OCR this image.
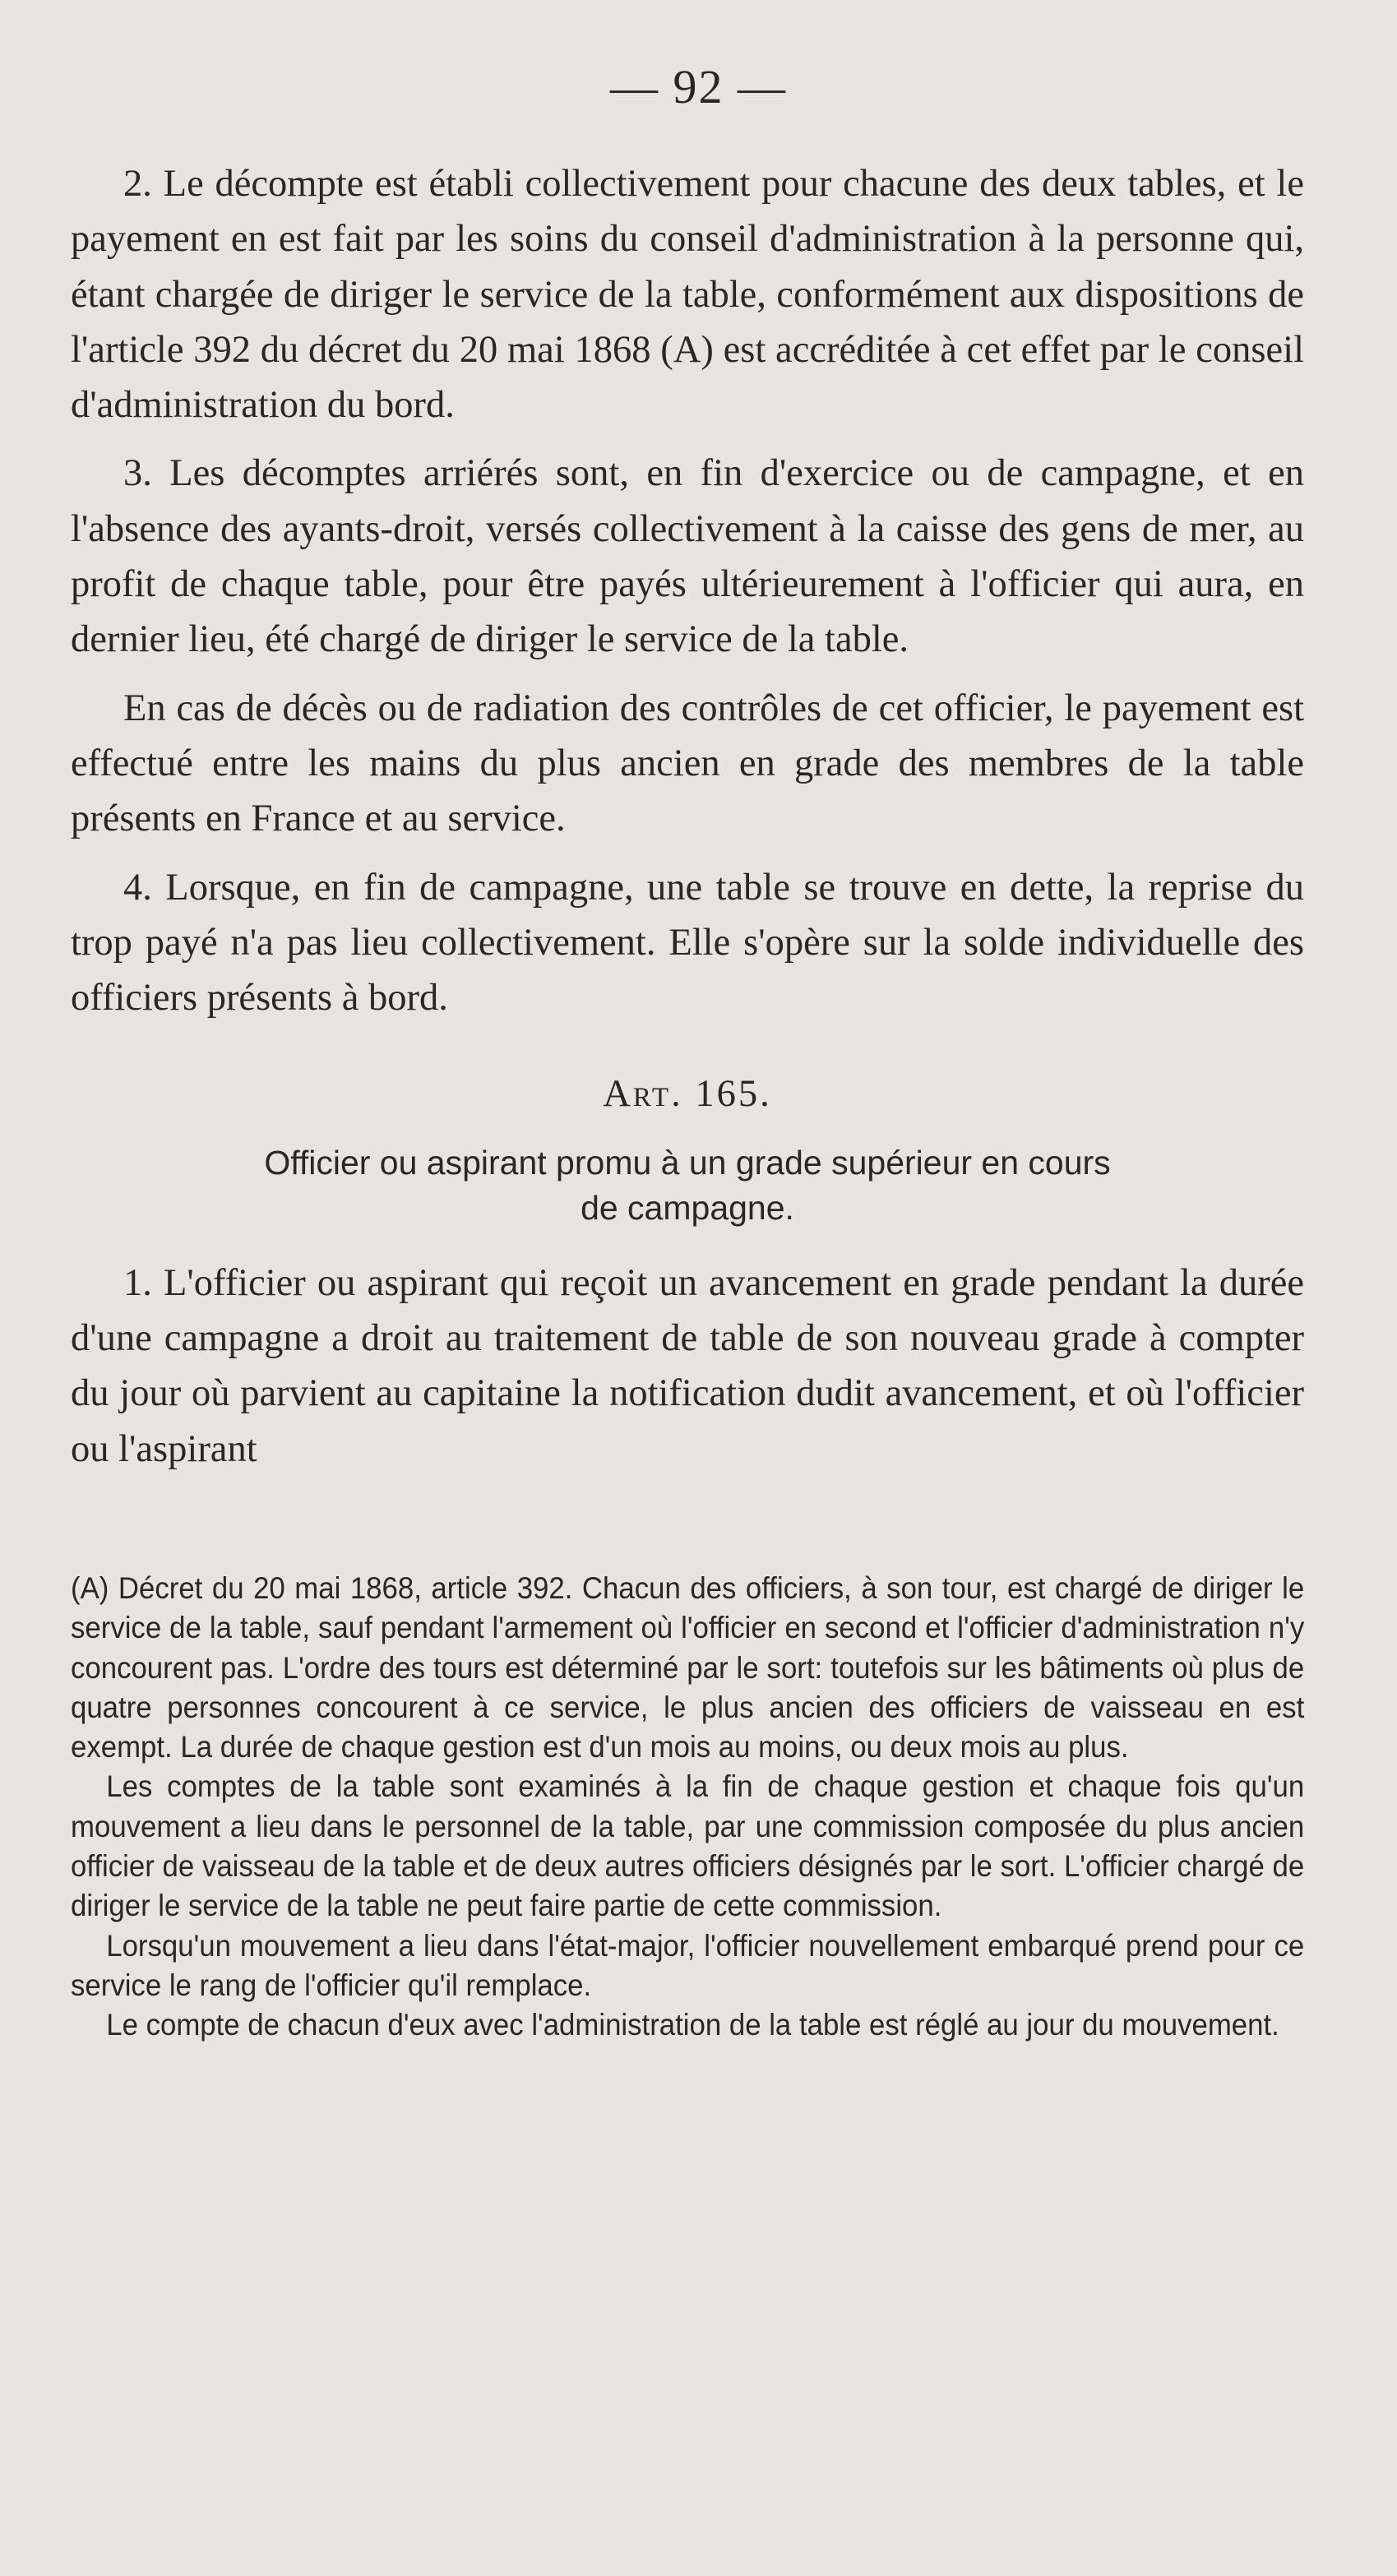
— 92 —

2. Le décompte est établi collectivement pour chacune des deux tables, et le payement en est fait par les soins du conseil d'administration à la personne qui, étant chargée de diriger le service de la table, conformément aux dispositions de l'article 392 du décret du 20 mai 1868 (A) est accréditée à cet effet par le conseil d'administration du bord.

3. Les décomptes arriérés sont, en fin d'exercice ou de campagne, et en l'absence des ayants-droit, versés collectivement à la caisse des gens de mer, au profit de chaque table, pour être payés ultérieurement à l'officier qui aura, en dernier lieu, été chargé de diriger le service de la table.

En cas de décès ou de radiation des contrôles de cet officier, le payement est effectué entre les mains du plus ancien en grade des membres de la table présents en France et au service.

4. Lorsque, en fin de campagne, une table se trouve en dette, la reprise du trop payé n'a pas lieu collectivement. Elle s'opère sur la solde individuelle des officiers présents à bord.

Art. 165.

Officier ou aspirant promu à un grade supérieur en cours
de campagne.

1. L'officier ou aspirant qui reçoit un avancement en grade pendant la durée d'une campagne a droit au traitement de table de son nouveau grade à compter du jour où parvient au capitaine la notification dudit avancement, et où l'officier ou l'aspirant

(A) Décret du 20 mai 1868, article 392. Chacun des officiers, à son tour, est chargé de diriger le service de la table, sauf pendant l'armement où l'officier en second et l'officier d'administration n'y concourent pas. L'ordre des tours est déterminé par le sort: toutefois sur les bâtiments où plus de quatre personnes concourent à ce service, le plus ancien des officiers de vaisseau en est exempt. La durée de chaque gestion est d'un mois au moins, ou deux mois au plus.

Les comptes de la table sont examinés à la fin de chaque gestion et chaque fois qu'un mouvement a lieu dans le personnel de la table, par une commission composée du plus ancien officier de vaisseau de la table et de deux autres officiers désignés par le sort. L'officier chargé de diriger le service de la table ne peut faire partie de cette commission.

Lorsqu'un mouvement a lieu dans l'état-major, l'officier nouvellement embarqué prend pour ce service le rang de l'officier qu'il remplace.

Le compte de chacun d'eux avec l'administration de la table est réglé au jour du mouvement.
